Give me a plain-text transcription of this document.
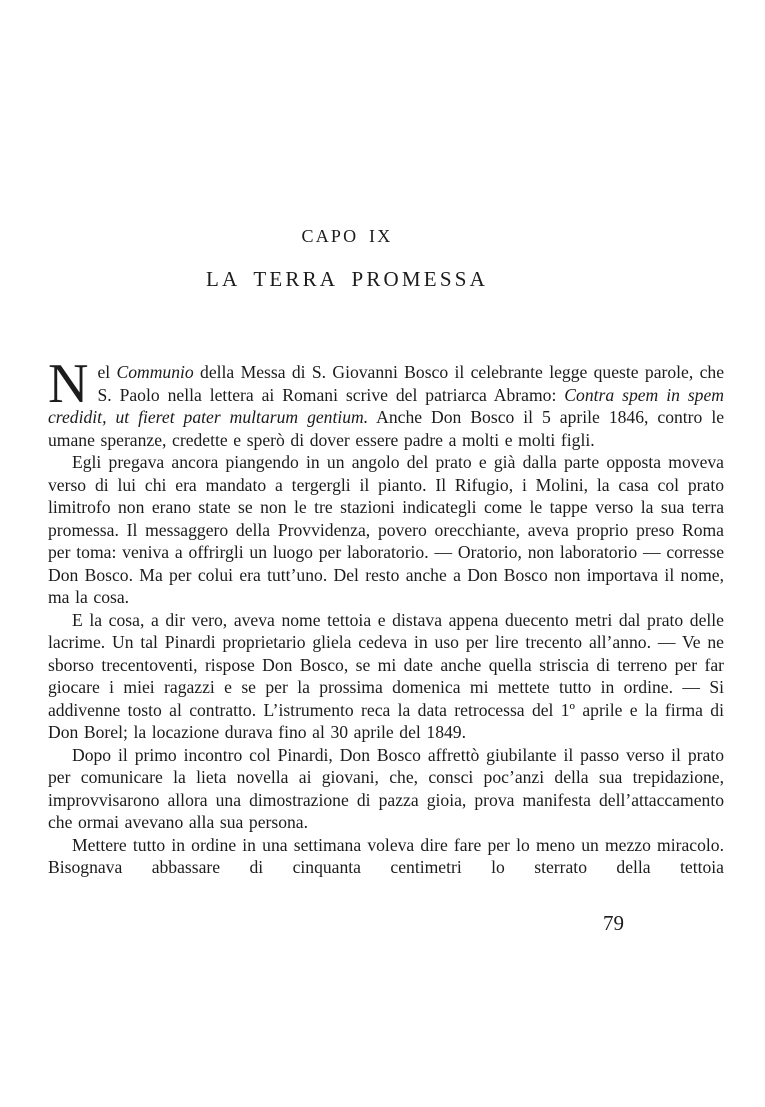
CAPO IX
LA TERRA PROMESSA

Nel Communio della Messa di S. Giovanni Bosco il celebrante legge queste parole, che S. Paolo nella lettera ai Romani scrive del patriarca Abramo: Contra spem in spem credidit, ut fieret pater multarum gentium. Anche Don Bosco il 5 aprile 1846, contro le umane speranze, credette e sperò di dover essere padre a molti e molti figli.

Egli pregava ancora piangendo in un angolo del prato e già dalla parte opposta moveva verso di lui chi era mandato a tergergli il pianto. Il Rifugio, i Molini, la casa col prato limitrofo non erano state se non le tre stazioni indicategli come le tappe verso la sua terra promessa. Il messaggero della Provvidenza, povero orecchiante, aveva proprio preso Roma per toma: veniva a offrirgli un luogo per laboratorio. — Oratorio, non laboratorio — corresse Don Bosco. Ma per colui era tutt’uno. Del resto anche a Don Bosco non importava il nome, ma la cosa.

E la cosa, a dir vero, aveva nome tettoia e distava appena duecento metri dal prato delle lacrime. Un tal Pinardi proprietario gliela cedeva in uso per lire trecento all’anno. — Ve ne sborso trecentoventi, rispose Don Bosco, se mi date anche quella striscia di terreno per far giocare i miei ragazzi e se per la prossima domenica mi mettete tutto in ordine. — Si addivenne tosto al contratto. L’istrumento reca la data retrocessa del 1º aprile e la firma di Don Borel; la locazione durava fino al 30 aprile del 1849.

Dopo il primo incontro col Pinardi, Don Bosco affrettò giubilante il passo verso il prato per comunicare la lieta novella ai giovani, che, consci poc’anzi della sua trepidazione, improvvisarono allora una dimostrazione di pazza gioia, prova manifesta dell’attaccamento che ormai avevano alla sua persona.

Mettere tutto in ordine in una settimana voleva dire fare per lo meno un mezzo miracolo. Bisognava abbassare di cinquanta centimetri lo sterrato della tettoia

79
